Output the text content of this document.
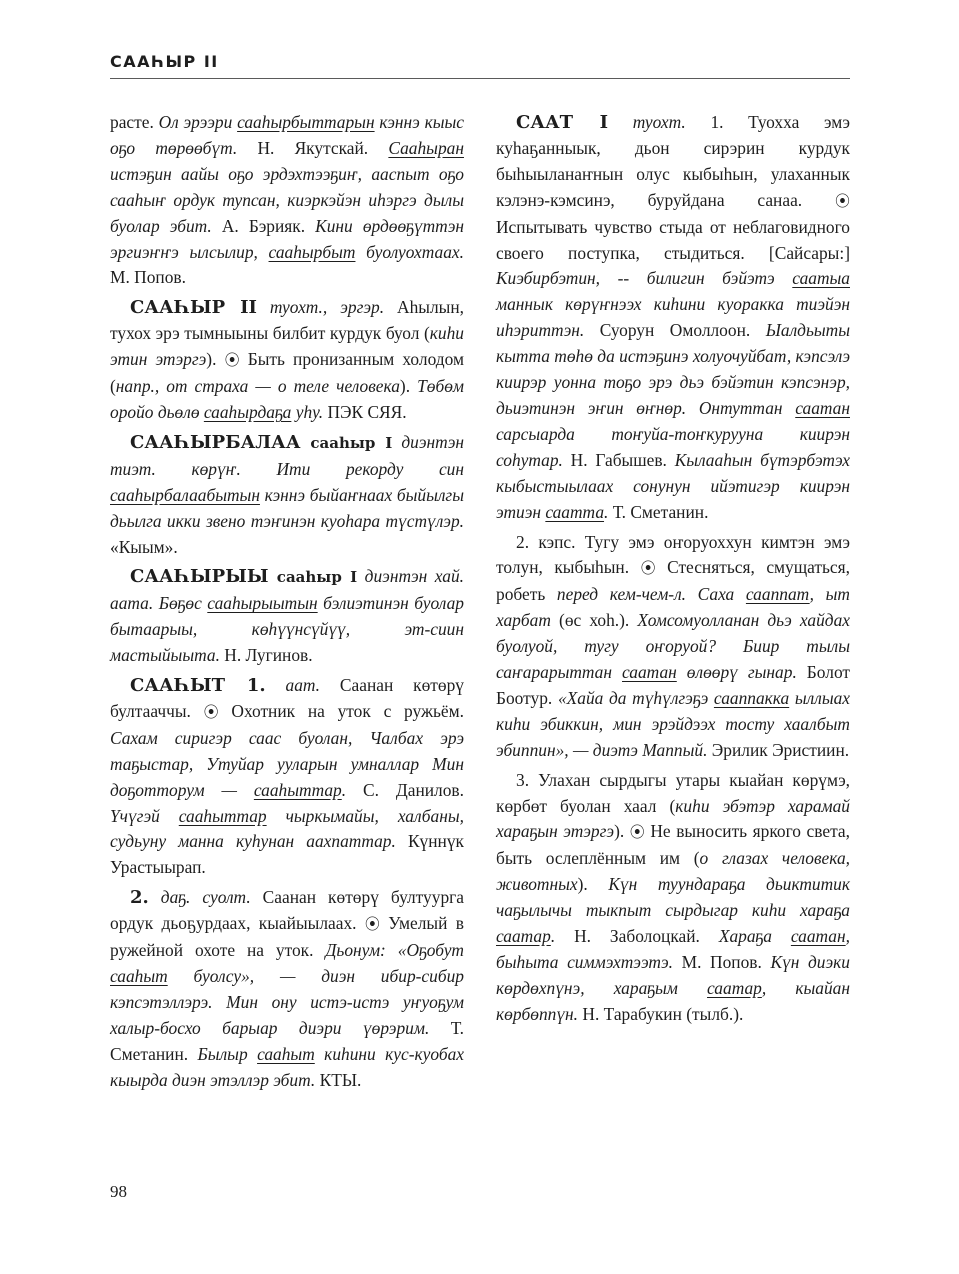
СААҺЫР II

расте. Ол эрээри сааһырбыттарын кэннэ кыыс оҕо төрөөбүт. Н. Якутскай. Сааһыран истэҕин аайы оҕо эрдэхтээҕиҥ, ааспыт оҕо сааһыҥ ордук тупсан, киэркэйэн иһэргэ дылы буолар эбит. А. Бэрияк. Кини өрдөөҕүттэн эргиэҥҥэ ылсылир, сааһырбыт буолуохтаах. М. Попов.

СААҺЫР II туохт., эргэр. Аһылын, тухох эрэ тымныыны билбит курдук буол (киһи этин этэргэ). ⦿ Быть пронизанным холодом (напр., от страха — о теле человека). Төбөм оройо дьөлө сааһырдаҕа уһу. ПЭК СЯЯ.

СААҺЫРБАЛАА сааһыр I диэнтэн тиэт. көрүҥ. Ити рекорду син сааһырбалаабытын кэннэ быйаҥнаах быйылгы дьылга икки звено тэҥинэн куоһара түстүлэр. «Кыым».

СААҺЫРЫЫ сааһыр I диэнтэн хай. аата. Бөҕөс сааһырыытын бэлиэтинэн буолар бытаарыы, көһүүнсүйүү, эт-сиин мастыйыыта. Н. Лугинов.

СААҺЫТ 1. аат. Саанан көтөрү бултааччы. ⦿ Охотник на уток с ружьём. Сахам сиригэр саас буолан, Чалбах эрэ таҕыстар, Утуйар ууларын умналлар Мин доҕотторум — сааһыттар. С. Данилов. Үчүгэй сааһыттар чыркымайы, халбаны, судьуну манна куһунан аахпаттар. Күннүк Урастыырап.

2. даҕ. суолт. Саанан көтөрү бултуурга ордук дьоҕурдаах, кыайыылаах. ⦿ Умелый в ружейной охоте на уток. Дьонум: «Оҕобут сааһыт буолсу», — диэн ибир-сибир кэпсэтэллэрэ. Мин ону истэ-истэ уҥуоҕум халыр-босхо барыар диэри үөрэрим. Т. Сметанин. Былыр сааһыт киһини кус-куобах кыырда диэн этэллэр эбит. КТЫ.

СААТ I туохт. 1. Туохха эмэ куһаҕанныык, дьон сирэрин курдук быһыыланаҥнын олус кыбыһын, улаханнык кэлэнэ-кэмсинэ, буруйдана санаа. ⦿ Испытывать чувство стыда от неблаговидного своего поступка, стыдиться. [Сайсары:] Киэбирбэтин, -- билигин бэйэтэ саатыа маннык көрүҥнээх киһини куоракка тиэйэн иһэриттэн. Суорун Омоллоон. Ыалдьыты кытта төһө да истэҕинэ холуочуйбат, кэпсэлэ киирэр уонна тоҕо эрэ дьэ бэйэтин кэпсэнэр, дьиэтинэн эҥин өҥнөр. Онтуттан саатан сарсыарда тоҥуйа-тоҥкурууна киирэн соһутар. Н. Габышев. Кылааһын бүтэрбэтэх кыбыстыылаах сонунун ийэтигэр киирэн этиэн саатта. Т. Сметанин.

2. кэпс. Тугу эмэ оҥоруоххун кимтэн эмэ толун, кыбыһын. ⦿ Стесняться, смущаться, робеть перед кем-чем-л. Саха сааппат, ыт харбат (өс хоһ.). Хомсомуолланан дьэ хайдах буолуой, тугу оҥоруой? Биир тылы саҥарарыттан саатан өлөөрү гынар. Болот Боотур. «Хайа да түһүлгэҕэ сааппакка ыллыах киһи эбиккин, мин эрэйдээх тосту хаалбыт эбиппин», — диэтэ Маппый. Эрилик Эристиин.

3. Улахан сырдыгы утары кыайан көрүмэ, көрбөт буолан хаал (киһи эбэтэр харамай хараҕын этэргэ). ⦿ Не выносить яркого света, быть ослеплённым им (о глазах человека, животных). Күн туундараҕа дьиктитик чаҕылычы тыкпыт сырдыгар киһи хараҕа саатар. Н. Заболоцкай. Хараҕа саатан, быһыта симмэхтээтэ. М. Попов. Күн диэки көрдөхпүнэ, хараҕым саатар, кыайан көрбөппүн. Н. Тарабукин (тылб.).

98
